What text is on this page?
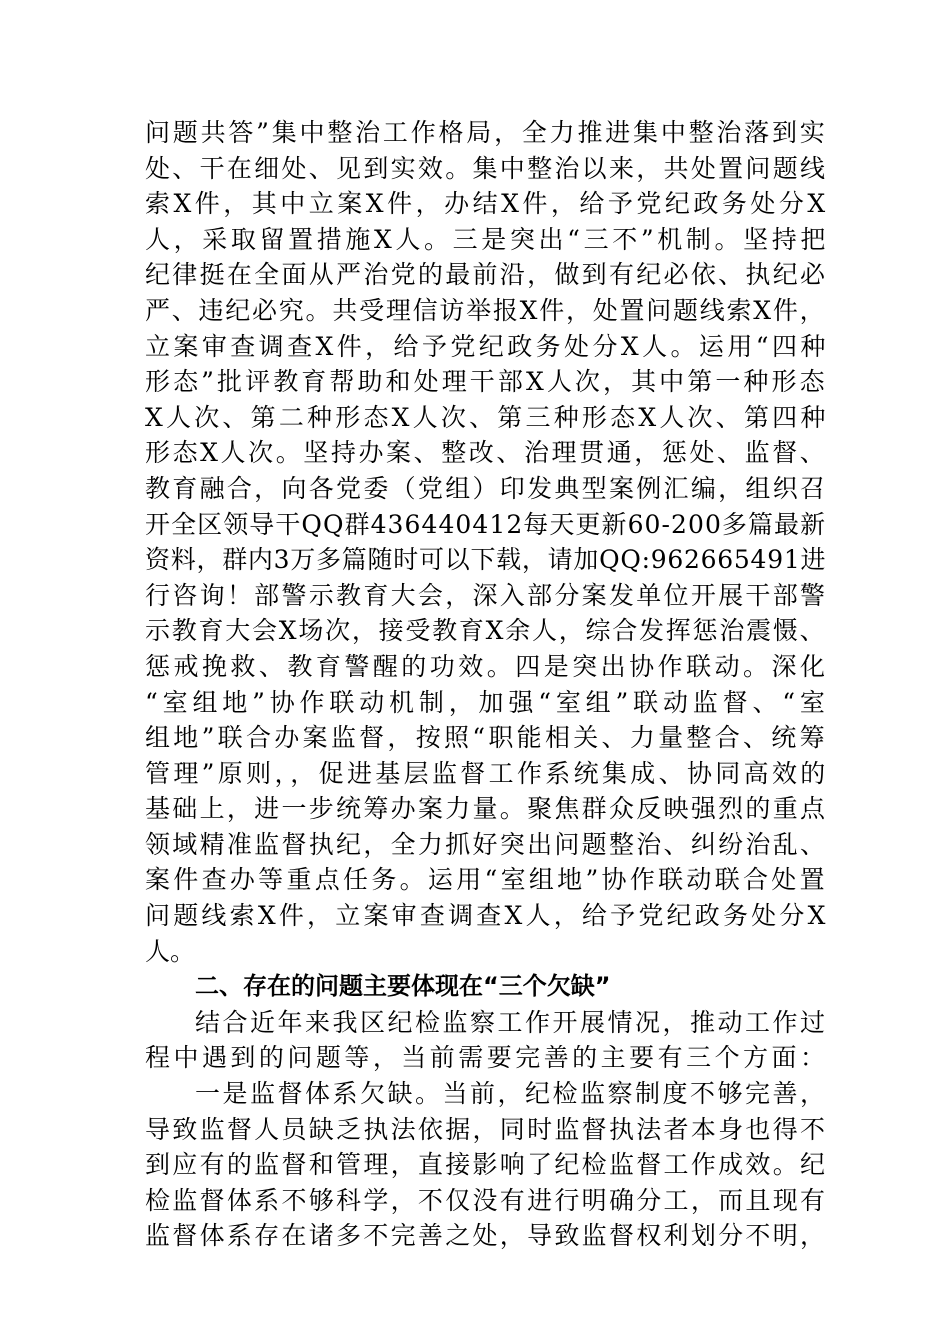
问题共答”集中整治工作格局，全力推进集中整治落到实
处、干在细处、见到实效。集中整治以来，共处置问题线
索X件，其中立案X件，办结X件，给予党纪政务处分X
人，采取留置措施X人。三是突出“三不”机制。坚持把
纪律挺在全面从严治党的最前沿，做到有纪必依、执纪必
严、违纪必究。共受理信访举报X件，处置问题线索X件，
立案审查调查X件，给予党纪政务处分X人。运用“四种
形态”批评教育帮助和处理干部X人次，其中第一种形态
X人次、第二种形态X人次、第三种形态X人次、第四种
形态X人次。坚持办案、整改、治理贯通，惩处、监督、
教育融合，向各党委（党组）印发典型案例汇编，组织召
开全区领导干QQ群436440412每天更新60-200多篇最新
资料，群内3万多篇随时可以下载，请加QQ:962665491进
行咨询！部警示教育大会，深入部分案发单位开展干部警
示教育大会X场次，接受教育X余人，综合发挥惩治震慑、
惩戒挽救、教育警醒的功效。四是突出协作联动。深化
“室组地”协作联动机制，加强“室组”联动监督、“室
组地”联合办案监督，按照“职能相关、力量整合、统筹
管理”原则，，促进基层监督工作系统集成、协同高效的
基础上，进一步统筹办案力量。聚焦群众反映强烈的重点
领域精准监督执纪，全力抓好突出问题整治、纠纷治乱、
案件查办等重点任务。运用“室组地”协作联动联合处置
问题线索X件，立案审查调查X人，给予党纪政务处分X
人。
二、存在的问题主要体现在“三个欠缺”
结合近年来我区纪检监察工作开展情况，推动工作过
程中遇到的问题等，当前需要完善的主要有三个方面：
一是监督体系欠缺。当前，纪检监察制度不够完善，
导致监督人员缺乏执法依据，同时监督执法者本身也得不
到应有的监督和管理，直接影响了纪检监督工作成效。纪
检监督体系不够科学，不仅没有进行明确分工，而且现有
监督体系存在诸多不完善之处，导致监督权利划分不明，
